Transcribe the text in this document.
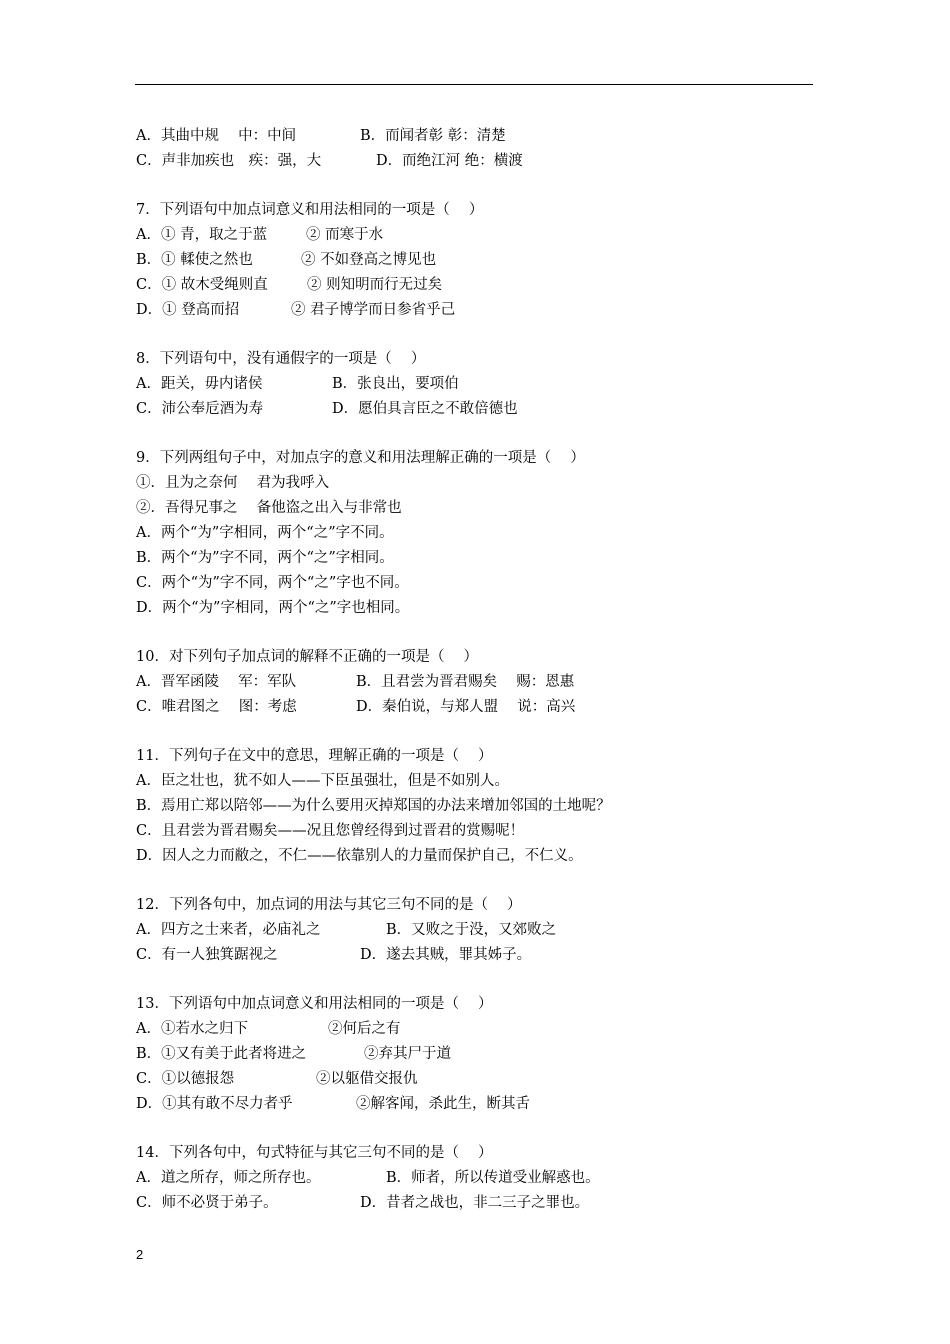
A．其曲中规　 中：中间	B．而闻者彰 彰：清楚
C．声非加疾也　疾：强，大	D．而绝江河 绝：横渡
7．下列语句中加点词意义和用法相同的一项是（　 ）
A．① 青，取之于蓝	② 而寒于水
B．① 輮使之然也	② 不如登高之博见也
C．① 故木受绳则直	② 则知明而行无过矣
D．① 登高而招	② 君子博学而日参省乎己
8．下列语句中，没有通假字的一项是（　 ）
A．距关，毋内诸侯	B．张良出，要项伯
C．沛公奉卮酒为寿	D．愿伯具言臣之不敢倍德也
9．下列两组句子中，对加点字的意义和用法理解正确的一项是（　 ）
①．且为之奈何　 君为我呼入
②．吾得兄事之　 备他盗之出入与非常也
A．两个“为”字相同，两个“之”字不同。
B．两个“为”字不同，两个“之”字相同。
C．两个“为”字不同，两个“之”字也不同。
D．两个“为”字相同，两个“之”字也相同。
10．对下列句子加点词的解释不正确的一项是（　 ）
A．晋军函陵　 军：军队	B．且君尝为晋君赐矣　 赐：恩惠
C．唯君图之　 图：考虑	D．秦伯说，与郑人盟　 说：高兴
11．下列句子在文中的意思，理解正确的一项是（　 ）
A．臣之壮也，犹不如人——下臣虽强壮，但是不如别人。
B．焉用亡郑以陪邻——为什么要用灭掉郑国的办法来增加邻国的土地呢？
C．且君尝为晋君赐矣——况且您曾经得到过晋君的赏赐呢！
D．因人之力而敝之，不仁——依靠别人的力量而保护自己，不仁义。
12．下列各句中，加点词的用法与其它三句不同的是（　 ）
A．四方之士来者，必庙礼之	B．又败之于没，又郊败之
C．有一人独箕踞视之	D．遂去其贼，罪其姊子。
13．下列语句中加点词意义和用法相同的一项是（　 ）
A．①若水之归下	②何后之有
B．①又有美于此者将进之	②弃其尸于道
C．①以德报怨	②以躯借交报仇
D．①其有敢不尽力者乎	②解客闻，杀此生，断其舌
14．下列各句中，句式特征与其它三句不同的是（　 ）
A．道之所存，师之所存也。	B．师者，所以传道受业解惑也。
C．师不必贤于弟子。	D．昔者之战也，非二三子之罪也。
2
